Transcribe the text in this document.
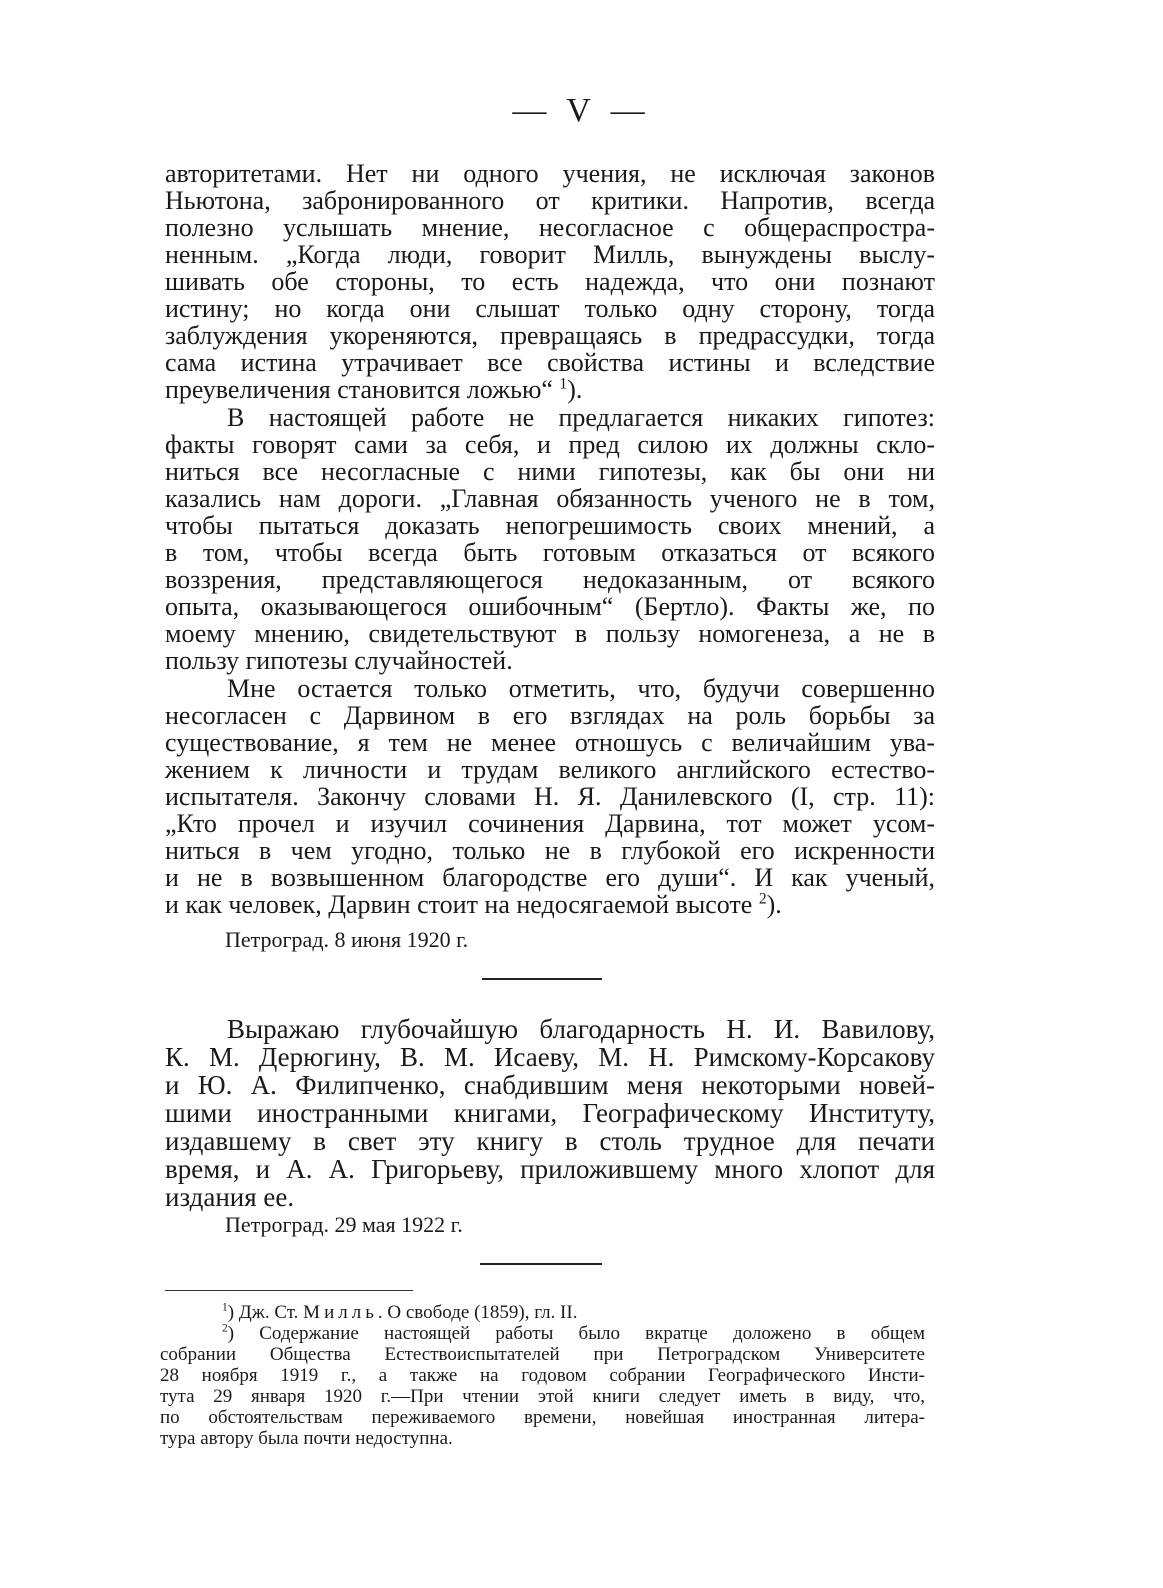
— V —
авторитетами. Нет ни одного учения, не исключая законов
Ньютона, забронированного от критики. Напротив, всегда
полезно услышать мнение, несогласное с общераспростра-
ненным. „Когда люди, говорит Милль, вынуждены выслу-
шивать обе стороны, то есть надежда, что они познают
истину; но когда они слышат только одну сторону, тогда
заблуждения укореняются, превращаясь в предрассудки, тогда
сама истина утрачивает все свойства истины и вследствие
преувеличения становится ложью“ $^1$).
В настоящей работе не предлагается никаких гипотез:
факты говорят сами за себя, и пред силою их должны скло-
ниться все несогласные с ними гипотезы, как бы они ни
казались нам дороги. „Главная обязанность ученого не в том,
чтобы пытаться доказать непогрешимость своих мнений, а
в том, чтобы всегда быть готовым отказаться от всякого
воззрения, представляющегося недоказанным, от всякого
опыта, оказывающегося ошибочным“ (Бертло). Факты же, по
моему мнению, свидетельствуют в пользу номогенеза, а не в
пользу гипотезы случайностей.
Мне остается только отметить, что, будучи совершенно
несогласен с Дарвином в его взглядах на роль борьбы за
существование, я тем не менее отношусь с величайшим ува-
жением к личности и трудам великого английского естество-
испытателя. Закончу словами Н. Я. Данилевского (I, стр. 11):
„Кто прочел и изучил сочинения Дарвина, тот может усом-
ниться в чем угодно, только не в глубокой его искренности
и не в возвышенном благородстве его души“. И как ученый,
и как человек, Дарвин стоит на недосягаемой высоте $^2$).
Петроград. 8 июня 1920 г.
Выражаю глубочайшую благодарность Н. И. Вавилову,
К. М. Дерюгину, В. М. Исаеву, М. Н. Римскому-Корсакову
и Ю. А. Филипченко, снабдившим меня некоторыми новей-
шими иностранными книгами, Географическому Институту,
издавшему в свет эту книгу в столь трудное для печати
время, и А. А. Григорьеву, приложившему много хлопот для
издания ее.
Петроград. 29 мая 1922 г.
$^1$) Дж. Ст. Милль. О свободе (1859), гл. II.
$^2$) Содержание настоящей работы было вкратце доложено в общем
собрании Общества Естествоиспытателей при Петроградском Университете
28 ноября 1919 г., а также на годовом собрании Географического Инсти-
тута 29 января 1920 г.—При чтении этой книги следует иметь в виду, что,
по обстоятельствам переживаемого времени, новейшая иностранная литера-
тура автору была почти недоступна.
